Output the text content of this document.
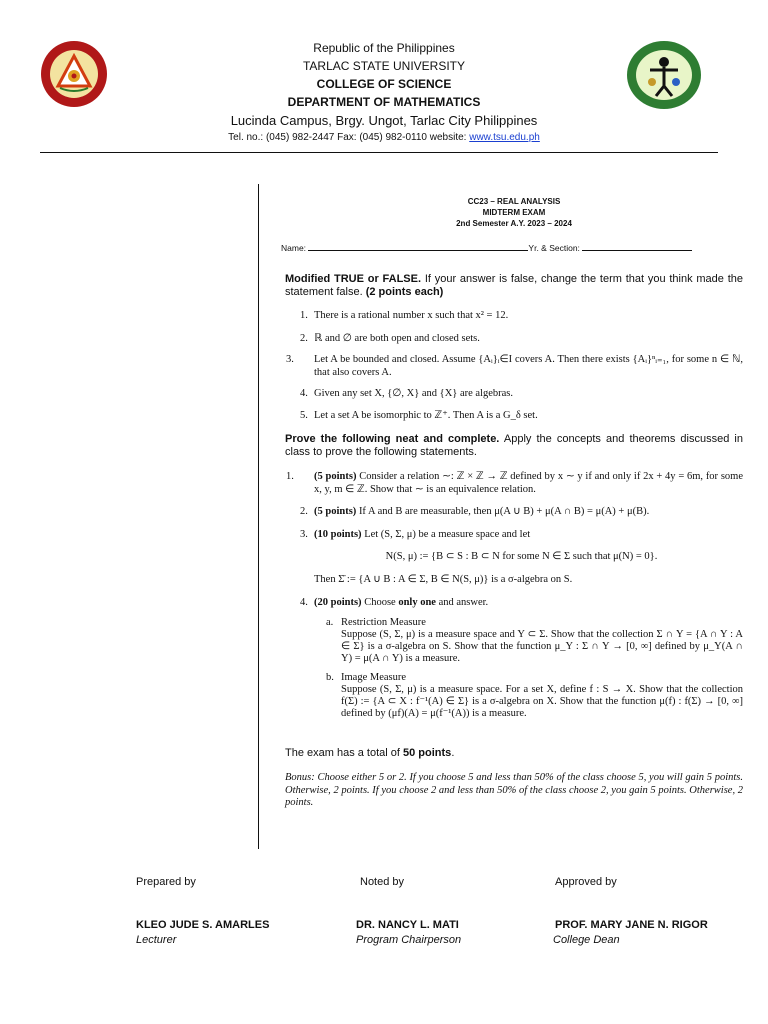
Republic of the Philippines
TARLAC STATE UNIVERSITY
COLLEGE OF SCIENCE
DEPARTMENT OF MATHEMATICS
Lucinda Campus, Brgy. Ungot, Tarlac City Philippines
Tel. no.: (045) 982-2447 Fax: (045) 982-0110 website: www.tsu.edu.ph
CC23 – REAL ANALYSIS
MIDTERM EXAM
2nd Semester A.Y. 2023 – 2024
Name:	Yr. & Section:
Modified TRUE or FALSE. If your answer is false, change the term that you think made the statement false. (2 points each)
1. There is a rational number x such that x² = 12.
2. ℝ and ∅ are both open and closed sets.
3. Let A be bounded and closed. Assume {Aᵢ}ᵢ∈I covers A. Then there exists {Aᵢ}ⁿᵢ₌₁, for some n ∈ ℕ, that also covers A.
4. Given any set X, {∅, X} and {X} are algebras.
5. Let a set A be isomorphic to ℤ⁺. Then A is a G_δ set.
Prove the following neat and complete. Apply the concepts and theorems discussed in class to prove the following statements.
1. (5 points) Consider a relation ∼: ℤ × ℤ → ℤ defined by x ∼ y if and only if 2x + 4y = 6m, for some x, y, m ∈ ℤ. Show that ∼ is an equivalence relation.
2. (5 points) If A and B are measurable, then μ(A ∪ B) + μ(A ∩ B) = μ(A) + μ(B).
3. (10 points) Let (S, Σ, μ) be a measure space and let
N(S, μ) := {B ⊂ S : B ⊂ N for some N ∈ Σ such that μ(N) = 0}.
Then Σ̄ := {A ∪ B : A ∈ Σ, B ∈ N(S, μ)} is a σ-algebra on S.
4. (20 points) Choose only one and answer.
a. Restriction Measure
Suppose (S, Σ, μ) is a measure space and Y ⊂ Σ. Show that the collection Σ ∩ Y = {A ∩ Y : A ∈ Σ} is a σ-algebra on S. Show that the function μ_Y : Σ ∩ Y → [0, ∞] defined by μ_Y(A ∩ Y) = μ(A ∩ Y) is a measure.
b. Image Measure
Suppose (S, Σ, μ) is a measure space. For a set X, define f : S → X. Show that the collection f(Σ) := {A ⊂ X : f⁻¹(A) ∈ Σ} is a σ-algebra on X. Show that the function μ(f) : f(Σ) → [0, ∞] defined by (μf)(A) = μ(f⁻¹(A)) is a measure.
The exam has a total of 50 points.
Bonus: Choose either 5 or 2. If you choose 5 and less than 50% of the class choose 5, you will gain 5 points. Otherwise, 2 points. If you choose 2 and less than 50% of the class choose 2, you gain 5 points. Otherwise, 2 points.
Prepared by	Noted by	Approved by
KLEO JUDE S. AMARLES	DR. NANCY L. MATI	PROF. MARY JANE N. RIGOR
Lecturer	Program Chairperson	College Dean
